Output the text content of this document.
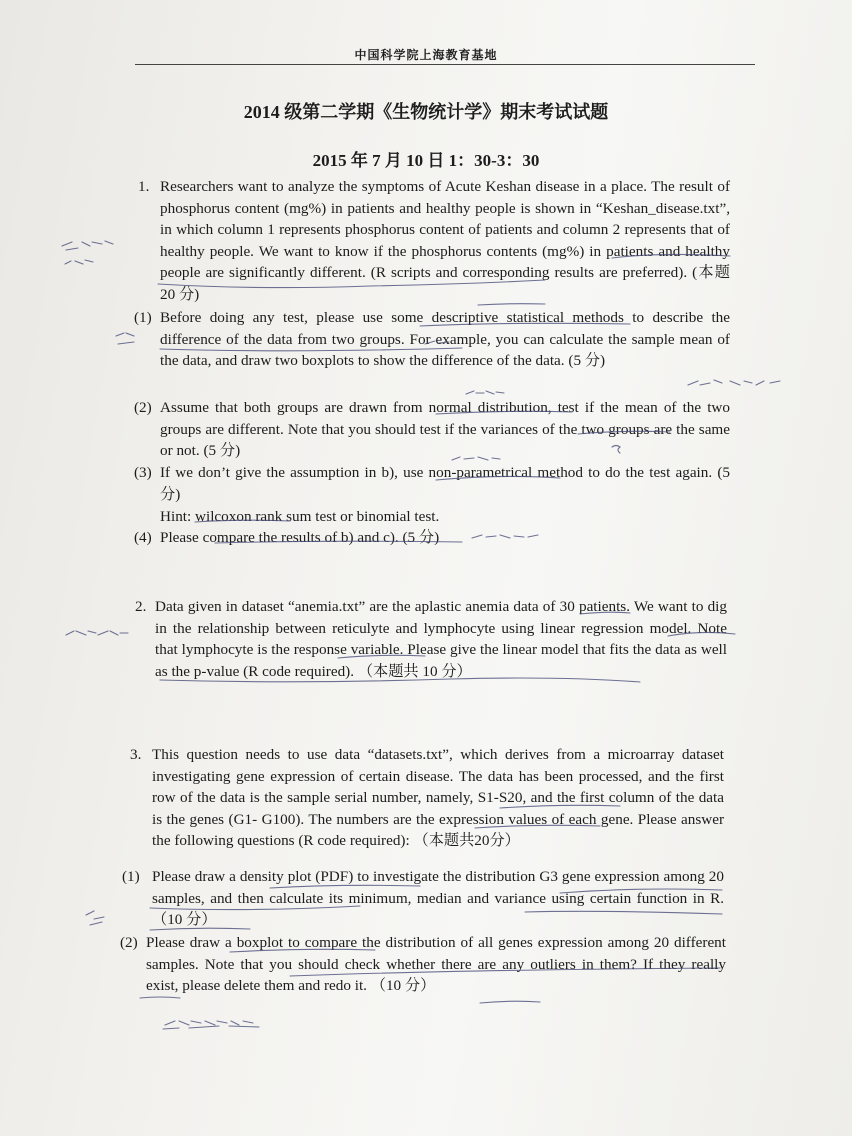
中国科学院上海教育基地
2014 级第二学期《生物统计学》期末考试试题
2015 年 7 月 10 日 1：30-3：30
1. Researchers want to analyze the symptoms of Acute Keshan disease in a place. The result of phosphorus content (mg%) in patients and healthy people is shown in “Keshan_disease.txt”, in which column 1 represents phosphorus content of patients and column 2 represents that of healthy people. We want to know if the phosphorus contents (mg%) in patients and healthy people are significantly different. (R scripts and corresponding results are preferred). (本题 20 分)
(1) Before doing any test, please use some descriptive statistical methods to describe the difference of the data from two groups. For example, you can calculate the sample mean of the data, and draw two boxplots to show the difference of the data. (5 分)
(2) Assume that both groups are drawn from normal distribution, test if the mean of the two groups are different. Note that you should test if the variances of the two groups are the same or not. (5 分)
(3) If we don’t give the assumption in b), use non-parametrical method to do the test again. (5 分)
Hint: wilcoxon rank sum test or binomial test.
(4) Please compare the results of b) and c). (5 分)
2. Data given in dataset “anemia.txt” are the aplastic anemia data of 30 patients. We want to dig in the relationship between reticulyte and lymphocyte using linear regression model. Note that lymphocyte is the response variable. Please give the linear model that fits the data as well as the p-value (R code required). （本题共 10 分）
3. This question needs to use data “datasets.txt”, which derives from a microarray dataset investigating gene expression of certain disease. The data has been processed, and the first row of the data is the sample serial number, namely, S1-S20, and the first column of the data is the genes (G1- G100). The numbers are the expression values of each gene. Please answer the following questions (R code required): （本题共20分）
(1) Please draw a density plot (PDF) to investigate the distribution G3 gene expression among 20 samples, and then calculate its minimum, median and variance using certain function in R. （10 分）
(2) Please draw a boxplot to compare the distribution of all genes expression among 20 different samples. Note that you should check whether there are any outliers in them? If they really exist, please delete them and redo it. （10 分）
